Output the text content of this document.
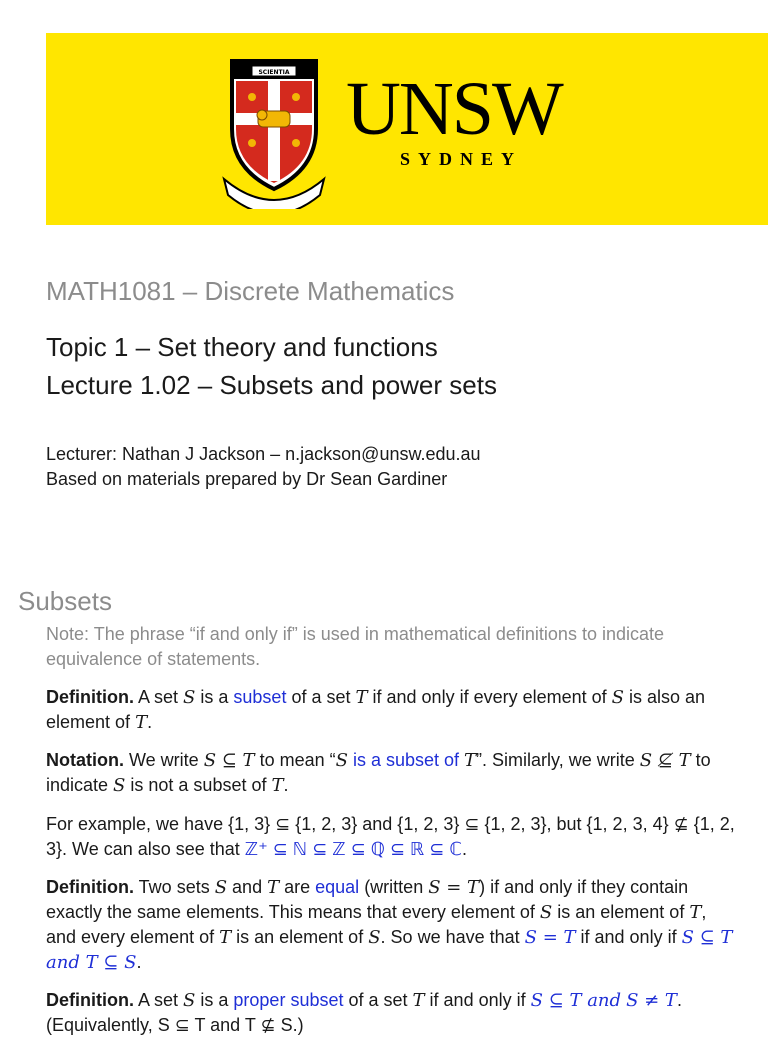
SCIENTIA UNSW
SYDNEY
MATH1081 – Discrete Mathematics
Topic 1 – Set theory and functions
Lecture 1.02 – Subsets and power sets
Lecturer: Nathan J Jackson – n.jackson@unsw.edu.au
Based on materials prepared by Dr Sean Gardiner
Subsets
Note: The phrase “if and only if” is used in mathematical definitions to indicate equivalence of statements.
Definition. A set S is a subset of a set T if and only if every element of S is also an element of T.
Notation. We write S ⊆ T to mean “S is a subset of T”. Similarly, we write S ⊈ T to indicate S is not a subset of T.
For example, we have {1, 3} ⊆ {1, 2, 3} and {1, 2, 3} ⊆ {1, 2, 3}, but {1, 2, 3, 4} ⊈ {1, 2, 3}. We can also see that ℤ⁺ ⊆ ℕ ⊆ ℤ ⊆ ℚ ⊆ ℝ ⊆ ℂ.
Definition. Two sets S and T are equal (written S = T) if and only if they contain exactly the same elements. This means that every element of S is an element of T, and every element of T is an element of S. So we have that S = T if and only if S ⊆ T and T ⊆ S.
Definition. A set S is a proper subset of a set T if and only if S ⊆ T and S ≠ T. (Equivalently, S ⊆ T and T ⊈ S.)
